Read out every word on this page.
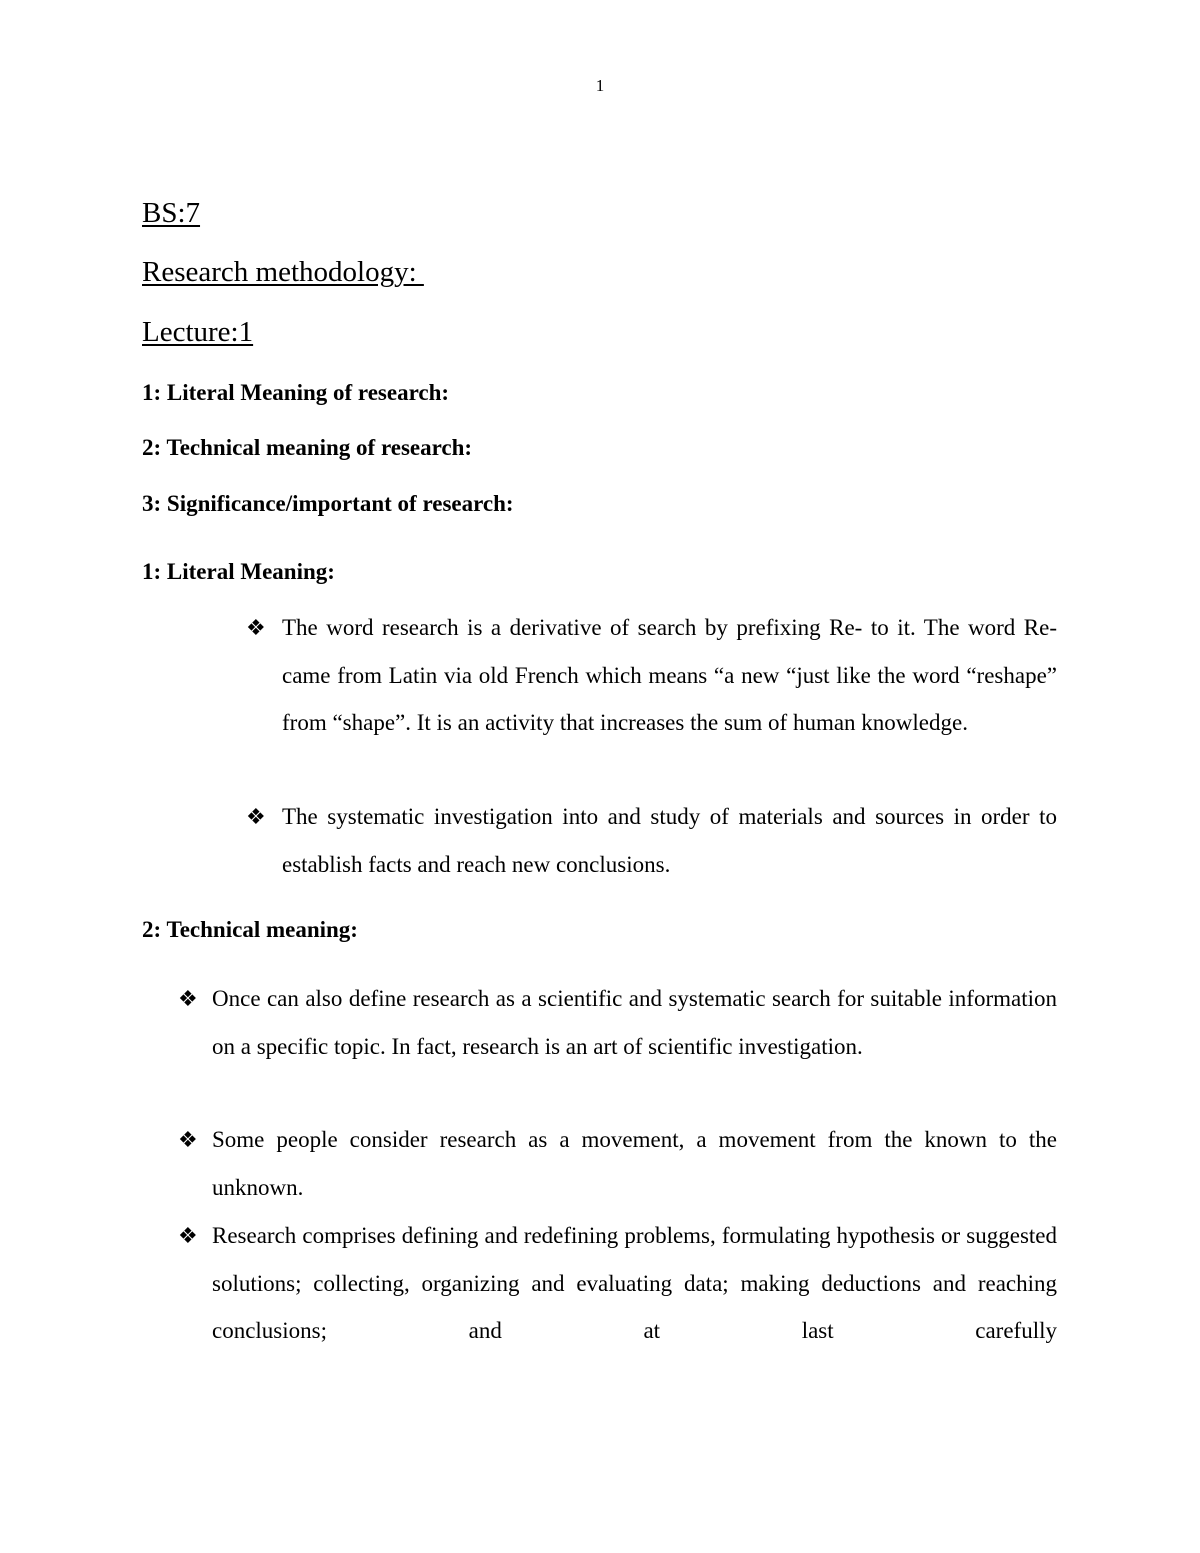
1
BS:7
Research methodology:
Lecture:1
1: Literal Meaning of research:
2: Technical meaning of research:
3: Significance/important of research:
1: Literal Meaning:
❖ The word research is a derivative of search by prefixing Re- to it. The word Re- came from Latin via old French which means “a new “just like the word “reshape” from “shape”. It is an activity that increases the sum of human knowledge.
❖ The systematic investigation into and study of materials and sources in order to establish facts and reach new conclusions.
2: Technical meaning:
❖ Once can also define research as a scientific and systematic search for suitable information on a specific topic. In fact, research is an art of scientific investigation.
❖ Some people consider research as a movement, a movement from the known to the unknown.
❖ Research comprises defining and redefining problems, formulating hypothesis or suggested solutions; collecting, organizing and evaluating data; making deductions and reaching conclusions; and at last carefully
